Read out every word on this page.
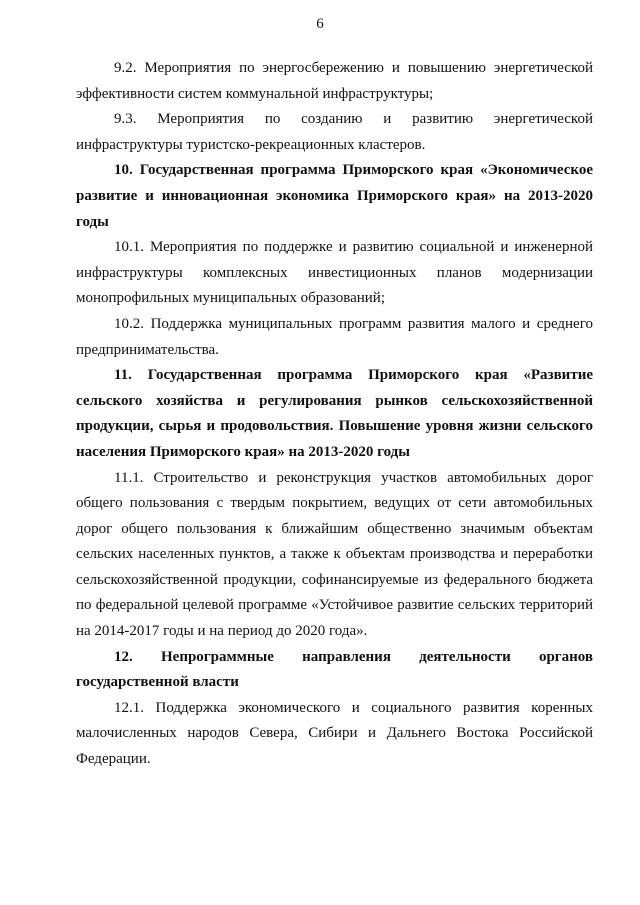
6

9.2. Мероприятия по энергосбережению и повышению энергетической эффективности систем коммунальной инфраструктуры;

9.3. Мероприятия по созданию и развитию энергетической инфраструктуры туристско-рекреационных кластеров.

10. Государственная программа Приморского края «Экономическое развитие и инновационная экономика Приморского края» на 2013-2020 годы

10.1. Мероприятия по поддержке и развитию социальной и инженерной инфраструктуры комплексных инвестиционных планов модернизации монопрофильных муниципальных образований;

10.2. Поддержка муниципальных программ развития малого и среднего предпринимательства.

11. Государственная программа Приморского края «Развитие сельского хозяйства и регулирования рынков сельскохозяйственной продукции, сырья и продовольствия. Повышение уровня жизни сельского населения Приморского края» на 2013-2020 годы

11.1. Строительство и реконструкция участков автомобильных дорог общего пользования с твердым покрытием, ведущих от сети автомобильных дорог общего пользования к ближайшим общественно значимым объектам сельских населенных пунктов, а также к объектам производства и переработки сельскохозяйственной продукции, софинансируемые из федерального бюджета по федеральной целевой программе «Устойчивое развитие сельских территорий на 2014-2017 годы и на период до 2020 года».

12. Непрограммные направления деятельности органов государственной власти

12.1. Поддержка экономического и социального развития коренных малочисленных народов Севера, Сибири и Дальнего Востока Российской Федерации.
